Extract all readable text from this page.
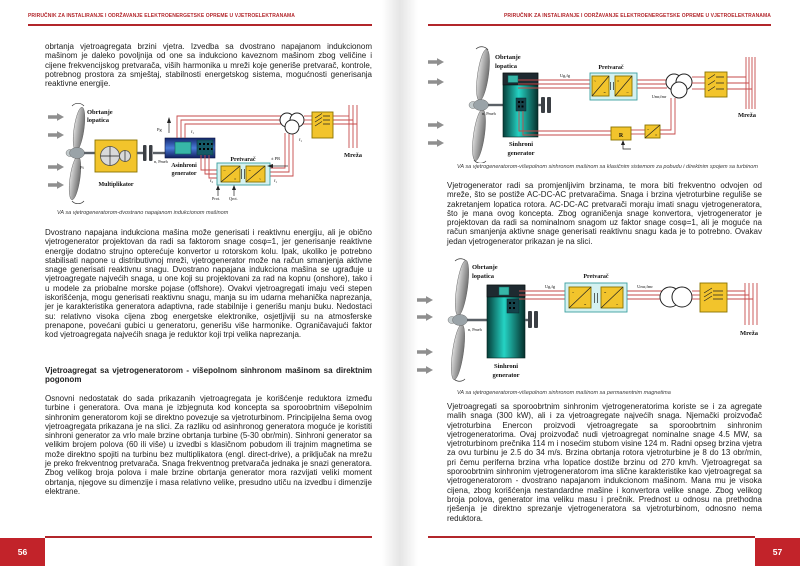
PRIRUČNIK ZA INSTALIRANJE I ODRŽAVANJE ELEKTROENERGETSKE OPREME U VJETROELEKTRANAMA
obrtanja vjetroagregata brzini vjetra. Izvedba sa dvostrano napajanom indukcionom mašinom je daleko povoljnija od one sa indukciono kaveznom mašinom zbog veličine i cijene frekvencijskog pretvarača, viših harmonika u mreži koje generiše pretvarač, kontrole, potrebnog prostora za smještaj, stabilnosti energetskog sistema, mogućnosti generisanja reaktivne energije.
Obrtanje
lopatica
Pt
Multiplikator
n, Pmeh
Asinhroni
generator
Pg	f₁
f₁
Mreža
~
=
=
~
Pretvarač	± PR
f₂	f₁
Prot. Qrot.
VA sa vjetrogeneratorom-dvostrano napajanom indukcionom mašinom
Dvostrano napajana indukciona mašina može generisati i reaktivnu energiju, ali je obično vjetrogenerator projektovan da radi sa faktorom snage cosφ=1, jer generisanje reaktivne energije dodatno strujno opterećuje konvertor u rotorskom kolu. Ipak, ukoliko je potrebno stabilisati napone u distributivnoj mreži, vjetrogenerator može na račun smanjenja aktivne snage generisati reaktivnu snagu. Dvostrano napajana indukciona mašina se ugrađuje u vjetroagregate najvećih snaga, u one koji su projektovani za rad na kopnu (onshore), tako i u modele za priobalne morske pojase (offshore). Ovakvi vjetroagregati imaju veći stepen iskorišćenja, mogu generisati reaktivnu snagu, manja su im udarna mehanička naprezanja, jer je karakteristika generatora adaptivna, rade stabilnije i generišu manju buku. Nedostaci su: relativno visoka cijena zbog energetske elektronike, osjetljiviji su na atmosferske prenapone, povećani gubici u generatoru, generišu više harmonike. Ograničavajući faktor kod vjetroagregata najvećih snaga je reduktor koji trpi velika naprezanja.
Vjetroagregat sa vjetrogeneratorom - višepolnom sinhronom mašinom sa direktnim pogonom
Osnovni nedostatak do sada prikazanih vjetroagregata je korišćenje reduktora između turbine i generatora. Ova mana je izbjegnuta kod koncepta sa sporoobrtnim višepolnim sinhronim generatorom koji se direktno povezuje sa vjetroturbinom. Principijelna šema ovog vjetroagregata prikazana je na slici. Za razliku od asinhronog generatora moguće je koristiti sinhroni generator za vrlo male brzine obrtanja turbine (5-30 obr/min). Sinhroni generator sa velikim brojem polova (60 ili više) u izvedbi s klasičnom pobudom ili trajnim magnetima se može direktno spojiti na turbinu bez multiplikatora (engl. direct-drive), a priključak na mrežu je preko frekventnog pretvarača. Snaga frekventnog pretvarača jednaka je snazi generatora. Zbog velikog broja polova i male brzine obrtanja generator mora razvijati veliki moment obrtanja, njegove su dimenzije i masa relativno velike, presudno utiču na izvedbu i dimenzije elektrane.
56
PRIRUČNIK ZA INSTALIRANJE I ODRŽAVANJE ELEKTROENERGETSKE OPREME U VJETROELEKTRANAMA
Obrtanje
lopatica
n, Pmeh
Sinhroni
generator
Ug,fg
~
=
=
~
Pretvarač
Umr,fmr
Mreža
R
~
=
VA sa vjetrogeneratorom-višepolnom sinhronom mašinom sa klasičnim sistemom za pobudu i direktnim spojem sa turbinom
Vjetrogenerator radi sa promjenljivim brzinama, te mora biti frekventno odvojen od mreže, što se postiže AC-DC-AC pretvaračima. Snaga i brzina vjetroturbine reguliše se zakretanjem lopatica rotora. AC-DC-AC pretvarači moraju imati snagu vjetrogeneratora, što je mana ovog koncepta. Zbog ograničenja snage konvertora, vjetrogenerator je projektovan da radi sa nominalnom snagom uz faktor snage cosφ=1, ali je moguće na račun smanjenja aktivne snage generisati reaktivnu snagu kada je to potrebno. Ovakav jedan vjetrogenerator prikazan je na slici.
Obrtanje
lopatica
n, Pmeh
Sinhroni
generator
Ug,fg
~
=
=
~
Pretvarač
Umr,fmr
Mreža
VA sa vjetrogeneratorom-višepolnom sinhronom mašinom sa permanentnim magnetima
Vjetroagregati sa sporoobrtnim sinhronim vjetrogeneratorima koriste se i za agregate malih snaga (300 kW), ali i za vjetroagregate najvećih snaga. Njemački proizvođač vjetroturbina Enercon proizvodi vjetroagregate sa sporoobrtnim sinhronim vjetrogeneratorima. Ovaj proizvođač nudi vjetroagregat nominalne snage 4.5 MW, sa vjetroturbinom prečnika 114 m i nosećim stubom visine 124 m. Radni opseg brzina vjetra za ovu turbinu je 2.5 do 34 m/s. Brzina obrtanja rotora vjetroturbine je 8 do 13 obr/min, pri čemu periferna brzina vrha lopatice dostiže brzinu od 270 km/h. Vjetroagregat sa sporoobrtnim sinhronim vjetrogeneratorom ima slične karakteristike kao vjetroagregat sa vjetrogeneratorom - dvostrano napajanom indukcionom mašinom. Mana mu je visoka cijena, zbog korišćenja nestandardne mašine i konvertora velike snage. Zbog velikog broja polova, generator ima veliku masu i prečnik. Prednost u odnosu na prethodna rješenja je direktno sprezanje vjetrogeneratora sa vjetroturbinom, odnosno nema reduktora.
57
